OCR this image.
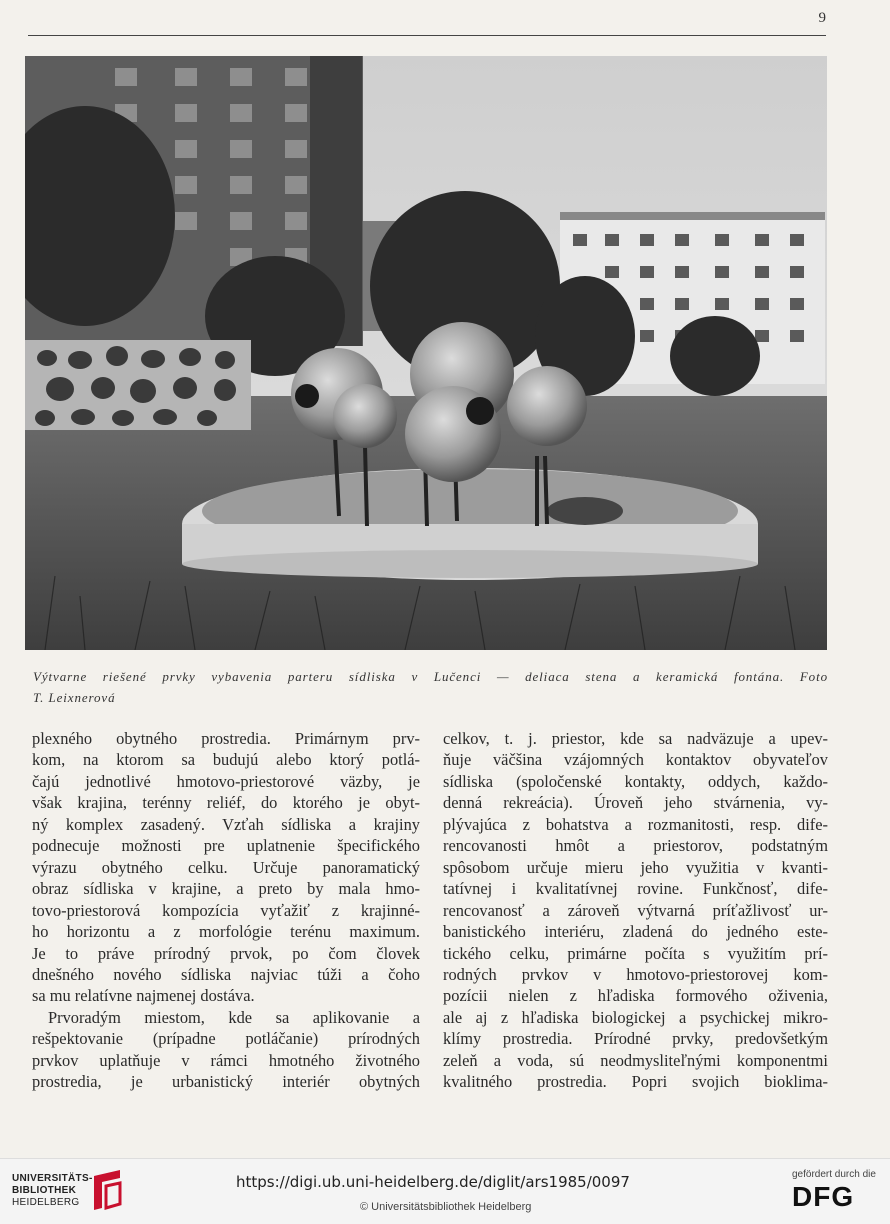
9
Výtvarne riešené prvky vybavenia parteru sídliska v Lučenci — deliaca stena a keramická fontána. Foto
T. Leixnerová
plexného obytného prostredia. Primárnym prv-
kom, na ktorom sa budujú alebo ktorý potlá-
čajú jednotlivé hmotovo-priestorové väzby, je
však krajina, terénny reliéf, do ktorého je obyt-
ný komplex zasadený. Vzťah sídliska a krajiny
podnecuje možnosti pre uplatnenie špecifického
výrazu obytného celku. Určuje panoramatický
obraz sídliska v krajine, a preto by mala hmo-
tovo-priestorová kompozícia vyťažiť z krajinné-
ho horizontu a z morfológie terénu maximum.
Je to práve prírodný prvok, po čom človek
dnešného nového sídliska najviac túži a čoho
sa mu relatívne najmenej dostáva.
Prvoradým miestom, kde sa aplikovanie a
rešpektovanie (prípadne potláčanie) prírodných
prvkov uplatňuje v rámci hmotného životného
prostredia, je urbanistický interiér obytných
celkov, t. j. priestor, kde sa nadväzuje a upev-
ňuje väčšina vzájomných kontaktov obyvateľov
sídliska (spoločenské kontakty, oddych, každo-
denná rekreácia). Úroveň jeho stvárnenia, vy-
plývajúca z bohatstva a rozmanitosti, resp. dife-
rencovanosti hmôt a priestorov, podstatným
spôsobom určuje mieru jeho využitia v kvanti-
tatívnej i kvalitatívnej rovine. Funkčnosť, dife-
rencovanosť a zároveň výtvarná príťažlivosť ur-
banistického interiéru, zladená do jedného este-
tického celku, primárne počíta s využitím prí-
rodných prvkov v hmotovo-priestorovej kom-
pozícii nielen z hľadiska formového oživenia,
ale aj z hľadiska biologickej a psychickej mikro-
klímy prostredia. Prírodné prvky, predovšetkým
zeleň a voda, sú neodmysliteľnými komponentmi
kvalitného prostredia. Popri svojich bioklima-
UNIVERSITÄTS-
BIBLIOTHEK
HEIDELBERG
https://digi.ub.uni-heidelberg.de/diglit/ars1985/0097
© Universitätsbibliothek Heidelberg
gefördert durch die
DFG
